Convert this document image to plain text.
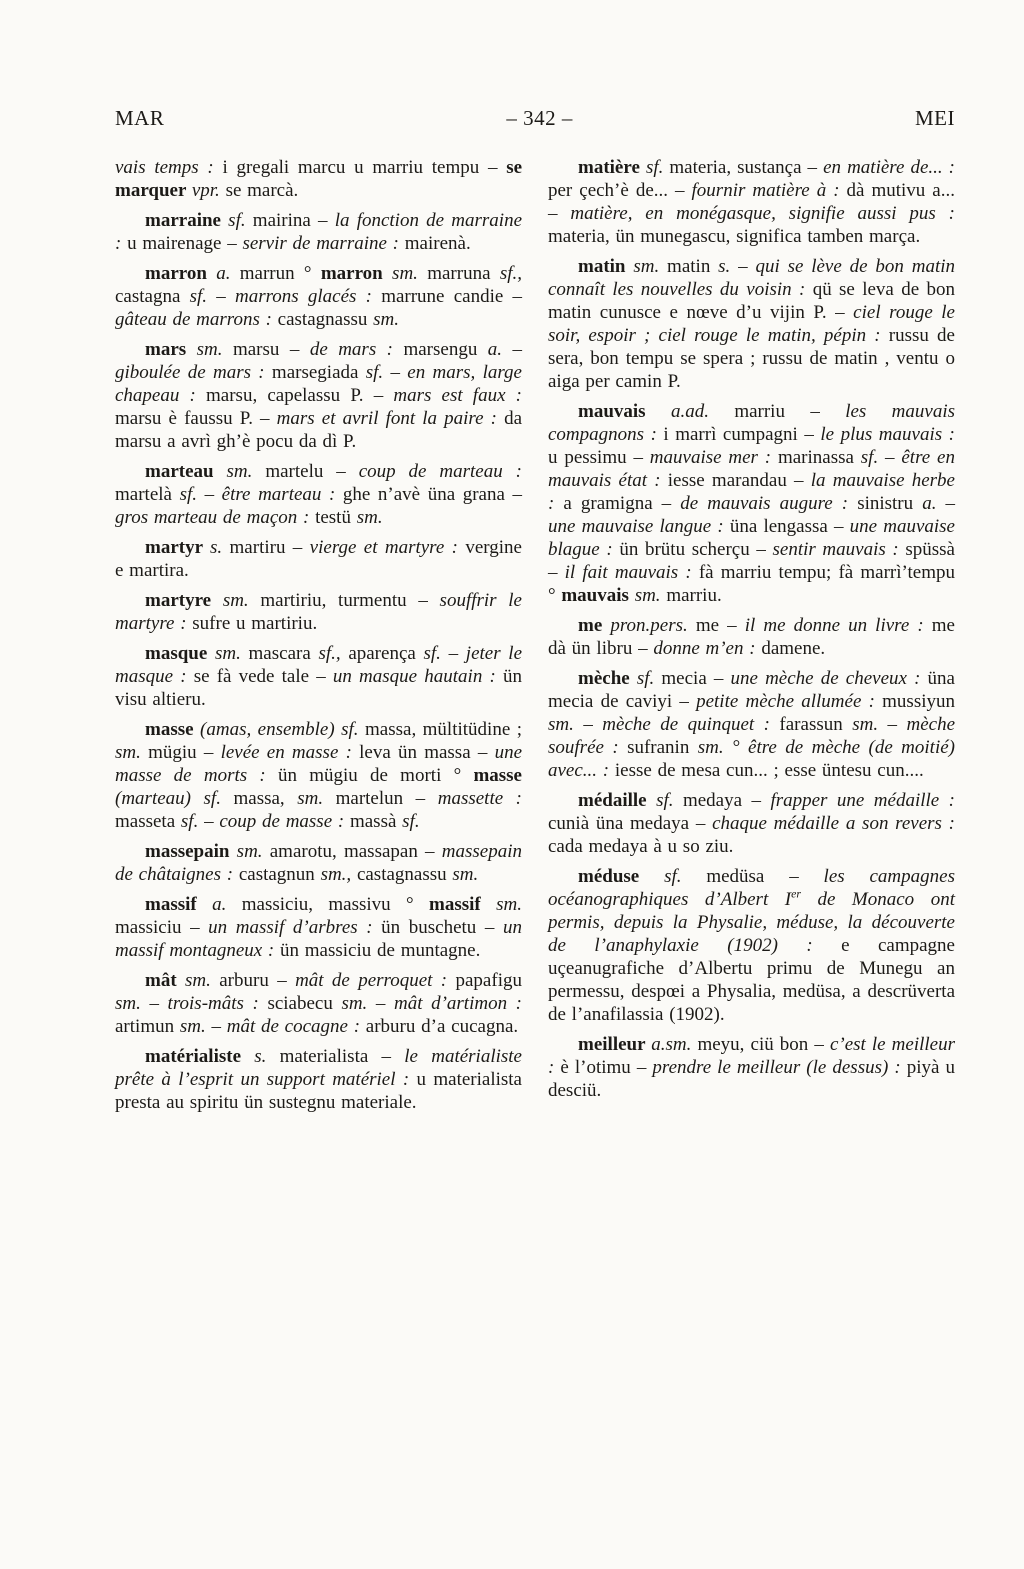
MAR	– 342 –	MEI

vais temps : i gregali marcu u marriu tempu – se marquer vpr. se marcà.

marraine sf. mairina – la fonction de marraine : u mairenage – servir de marraine : mairenà.

marron a. marrun ° marron sm. marruna sf., castagna sf. – marrons glacés : marrune candie – gâteau de marrons : castagnassu sm.

mars sm. marsu – de mars : marsengu a. – giboulée de mars : marsegiada sf. – en mars, large chapeau : marsu, capelassu P. – mars est faux : marsu è faussu P. – mars et avril font la paire : da marsu a avrì gh’è pocu da dì P.

marteau sm. martelu – coup de marteau : martelà sf. – être marteau : ghe n’avè üna grana – gros marteau de maçon : testü sm.

martyr s. martiru – vierge et martyre : vergine e martira.

martyre sm. martiriu, turmentu – souffrir le martyre : sufre u martiriu.

masque sm. mascara sf., aparença sf. – jeter le masque : se fà vede tale – un masque hautain : ün visu altieru.

masse (amas, ensemble) sf. massa, mültitüdine ; sm. mügiu – levée en masse : leva ün massa – une masse de morts : ün mügiu de morti ° masse (marteau) sf. massa, sm. martelun – massette : masseta sf. – coup de masse : massà sf.

massepain sm. amarotu, massapan – massepain de châtaignes : castagnun sm., castagnassu sm.

massif a. massiciu, massivu ° massif sm. massiciu – un massif d’arbres : ün buschetu – un massif montagneux : ün massiciu de muntagne.

mât sm. arburu – mât de perroquet : papafigu sm. – trois-mâts : sciabecu sm. – mât d’artimon : artimun sm. – mât de cocagne : arburu d’a cucagna.

matérialiste s. materialista – le matérialiste prête à l’esprit un support matériel : u materialista presta au spiritu ün sustegnu materiale.

matière sf. materia, sustança – en matière de... : per çech’è de... – fournir matière à : dà mutivu a... – matière, en monégasque, signifie aussi pus : materia, ün munegascu, significa tamben marça.

matin sm. matin s. – qui se lève de bon matin connaît les nouvelles du voisin : qü se leva de bon matin cunusce e nœve d’u vijin P. – ciel rouge le soir, espoir ; ciel rouge le matin, pépin : russu de sera, bon tempu se spera ; russu de matin , ventu o aiga per camin P.

mauvais a.ad. marriu – les mauvais compagnons : i marrì cumpagni – le plus mauvais : u pessimu – mauvaise mer : marinassa sf. – être en mauvais état : iesse marandau – la mauvaise herbe : a gramigna – de mauvais augure : sinistru a. – une mauvaise langue : üna lengassa – une mauvaise blague : ün brütu scherçu – sentir mauvais : spüssà – il fait mauvais : fà marriu tempu; fà marrì’tempu ° mauvais sm. marriu.

me pron.pers. me – il me donne un livre : me dà ün libru – donne m’en : damene.

mèche sf. mecia – une mèche de cheveux : üna mecia de caviyi – petite mèche allumée : mussiyun sm. – mèche de quinquet : farassun sm. – mèche soufrée : sufranin sm. ° être de mèche (de moitié) avec... : iesse de mesa cun... ; esse üntesu cun....

médaille sf. medaya – frapper une médaille : cunià üna medaya – chaque médaille a son revers : cada medaya à u so ziu.

méduse sf. medüsa – les campagnes océanographiques d’Albert Ier de Monaco ont permis, depuis la Physalie, méduse, la découverte de l’anaphylaxie (1902) : e campagne uçeanugrafiche d’Albertu primu de Munegu an permessu, despœi a Physalia, medüsa, a descrüverta de l’anafilassia (1902).

meilleur a.sm. meyu, ciü bon – c’est le meilleur : è l’otimu – prendre le meilleur (le dessus) : piyà u desciü.
